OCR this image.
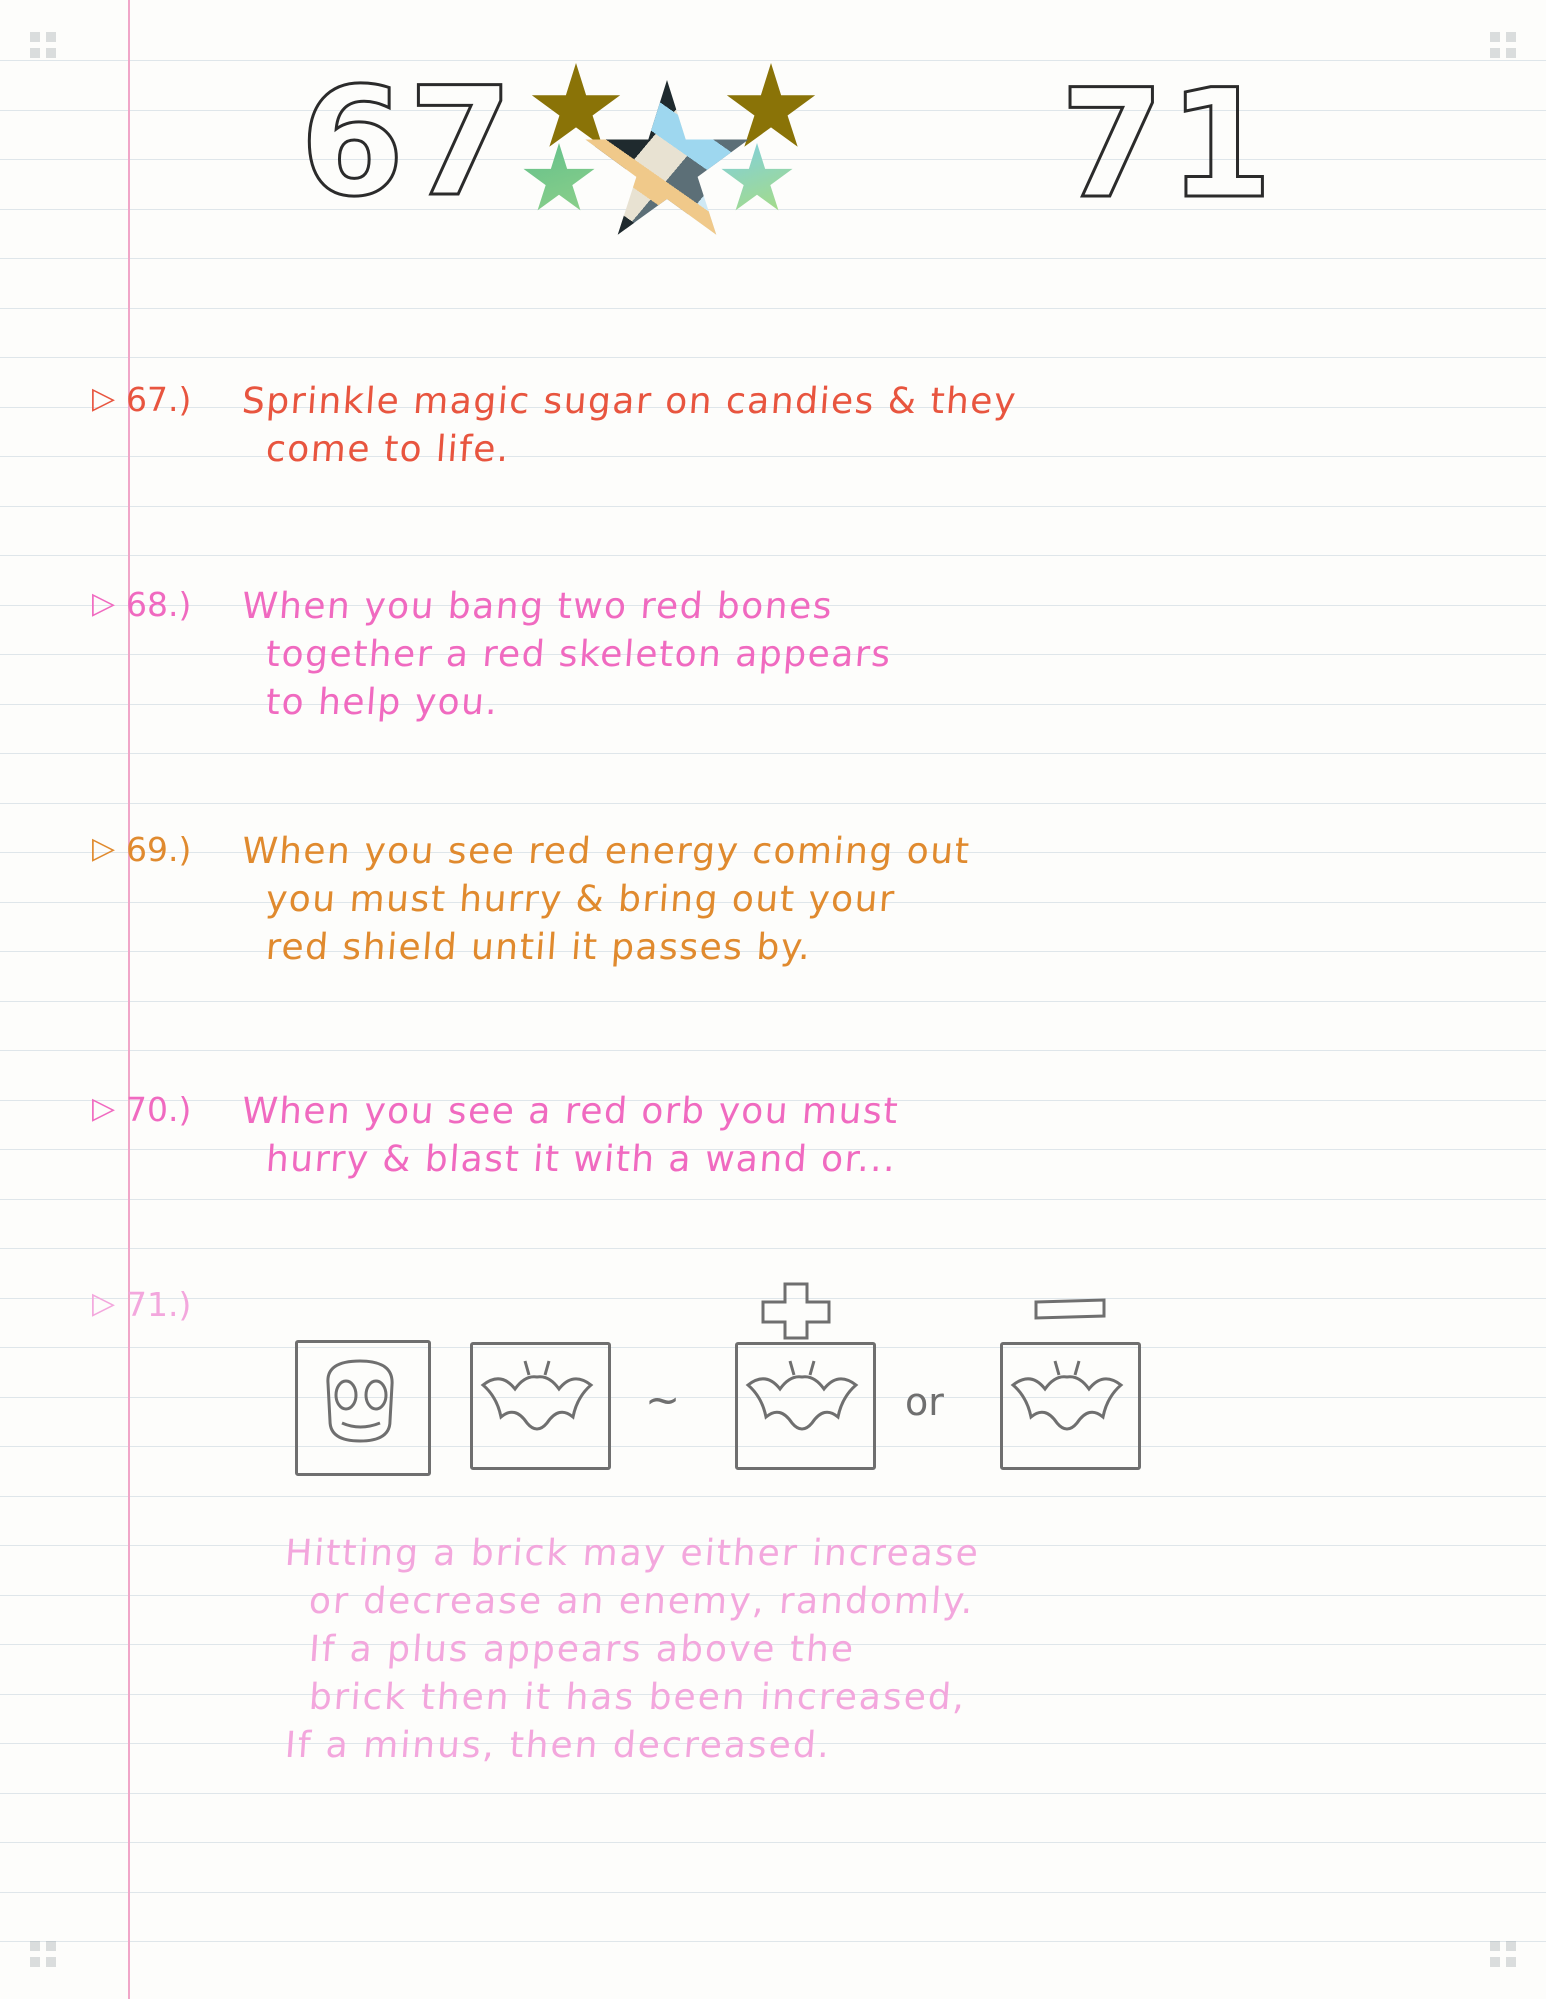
67	71
▷ 67.) Sprinkle magic sugar on candies & they
come to life.
▷ 68.) When you bang two red bones
together a red skeleton appears
to help you.
▷ 69.) When you see red energy coming out
you must hurry & bring out your
red shield until it passes by.
▷ 70.) When you see a red orb you must
hurry & blast it with a wand or...
▷ 71.)
~	or
Hitting a brick may either increase
or decrease an enemy, randomly.
If a plus appears above the
brick then it has been increased,
If a minus, then decreased.
